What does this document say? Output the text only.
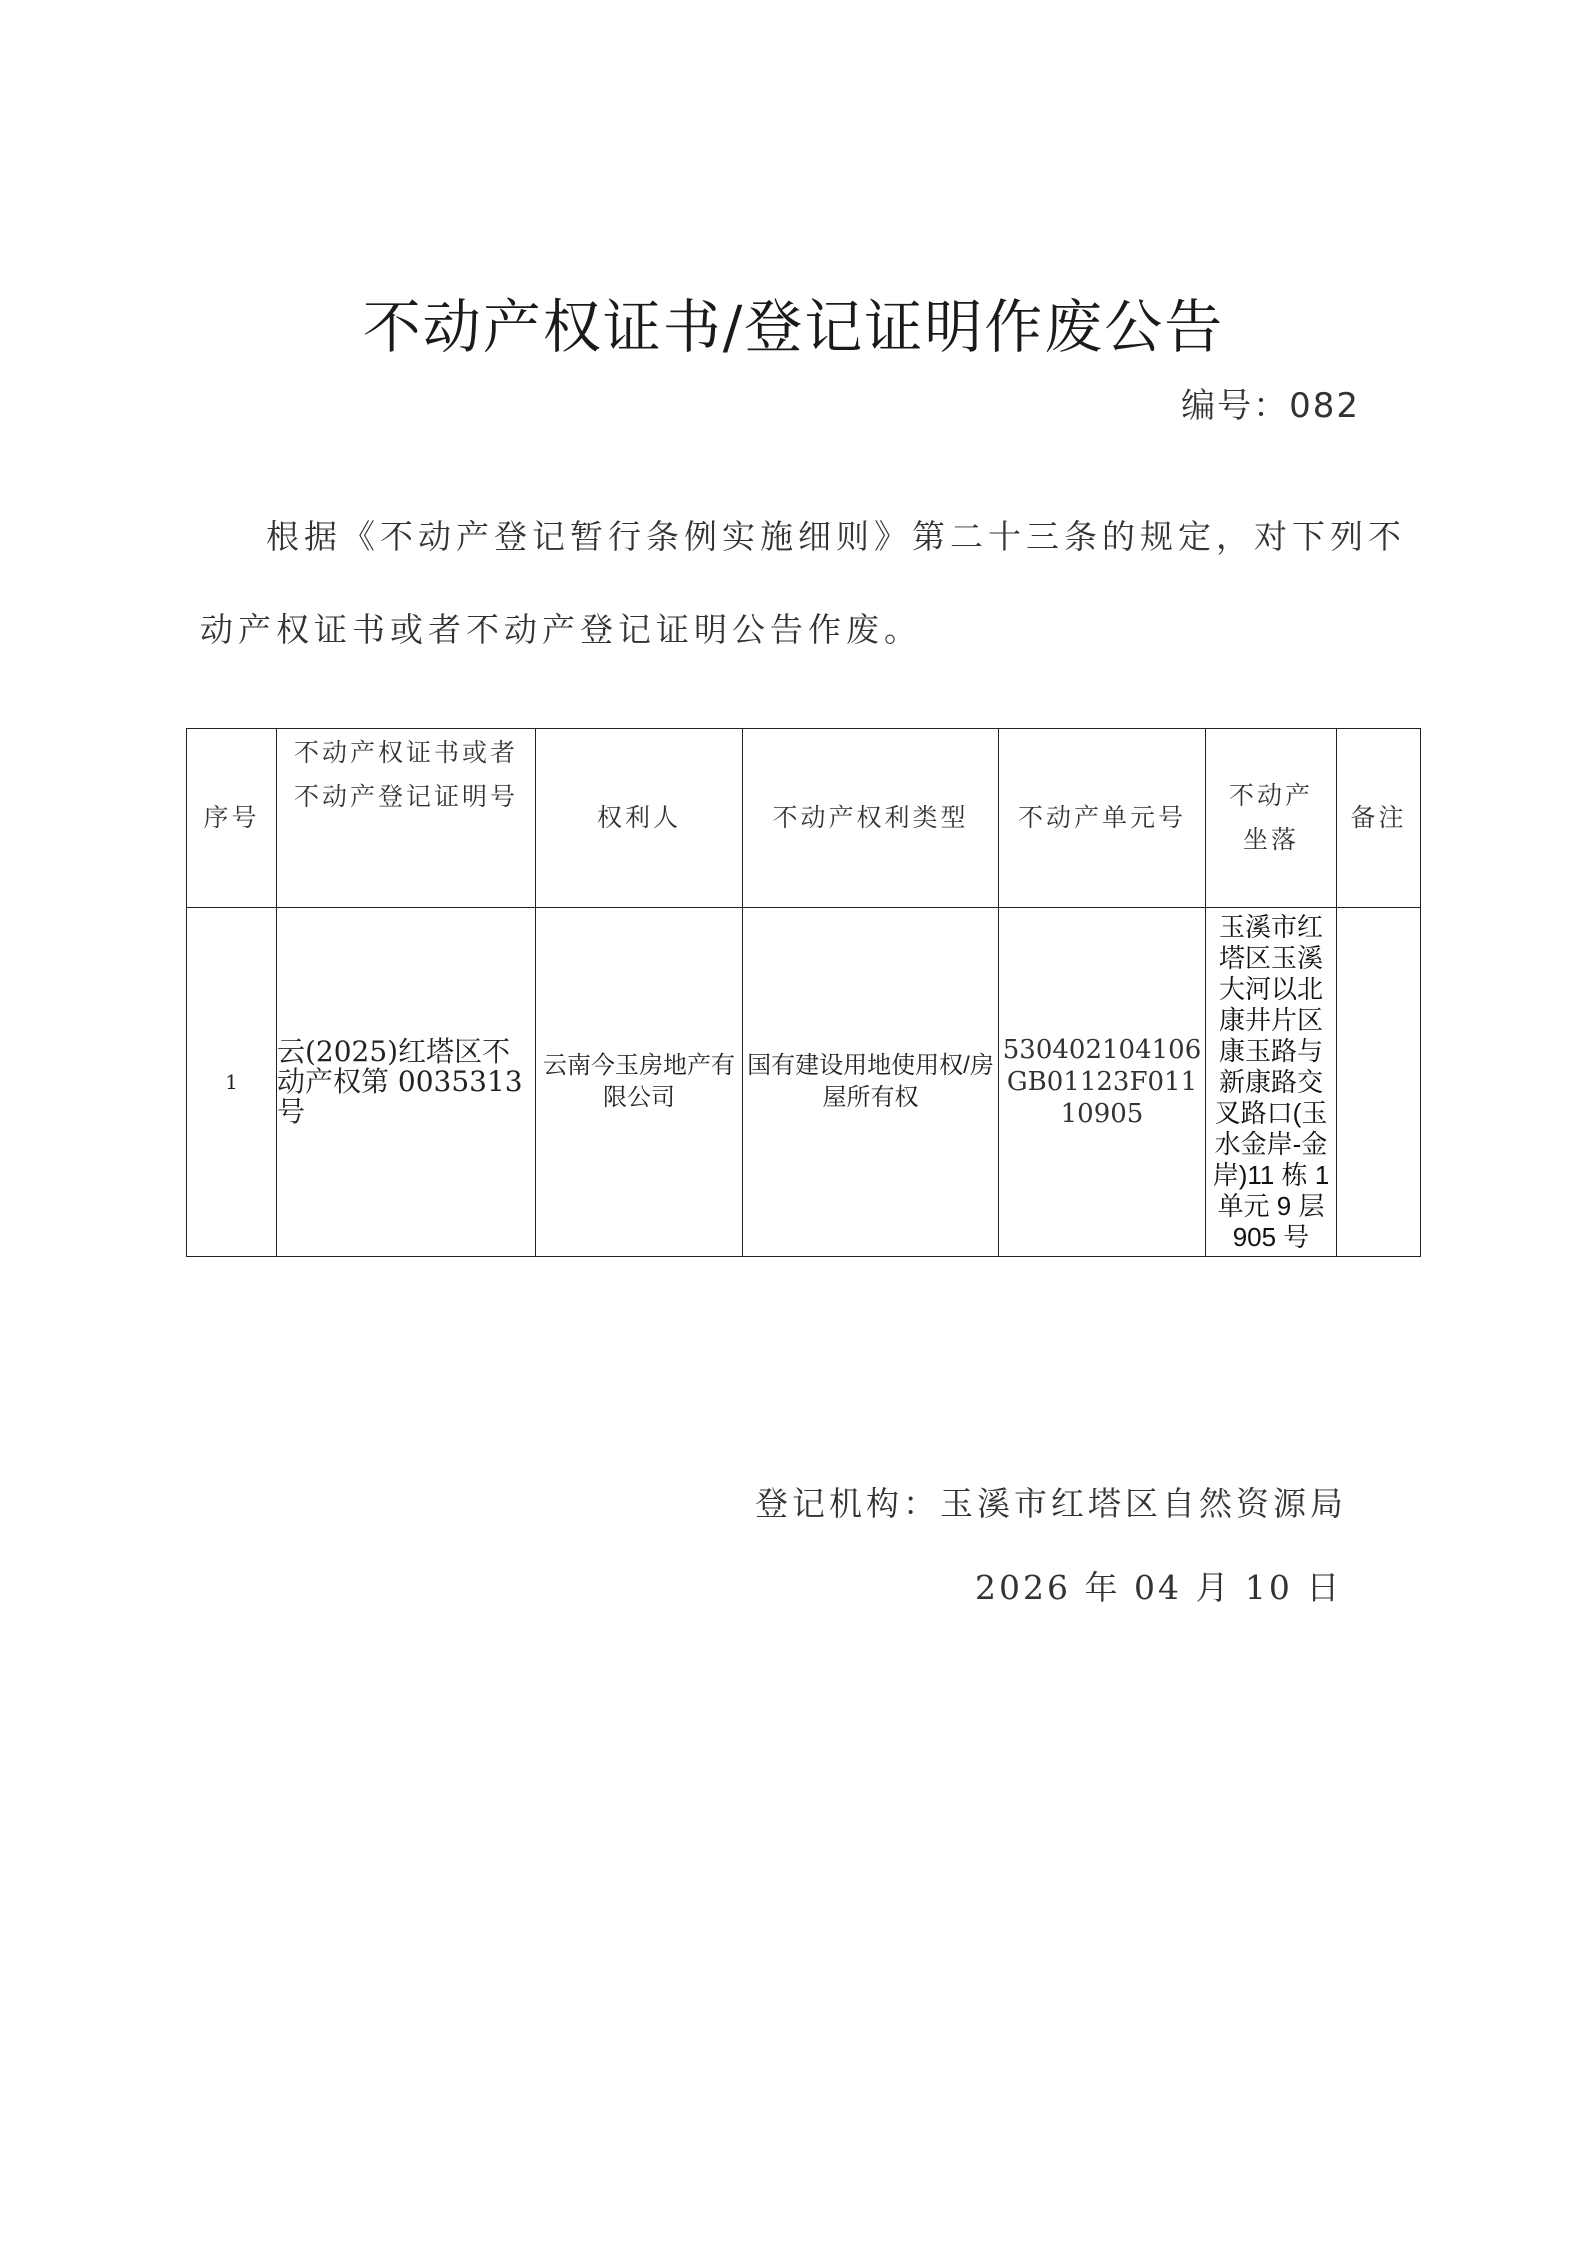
不动产权证书/登记证明作废公告
编号：082
根据《不动产登记暂行条例实施细则》第二十三条的规定，对下列不动产权证书或者不动产登记证明公告作废。
序号	不动产权证书或者不动产登记证明号	权利人	不动产权利类型	不动产单元号	不动产坐落	备注
1	云(2025)红塔区不动产权第 0035313 号	云南今玉房地产有限公司	国有建设用地使用权/房屋所有权	530402104106GB01123F01110905	玉溪市红塔区玉溪大河以北康井片区康玉路与新康路交叉路口(玉水金岸-金岸)11 栋 1 单元 9 层 905 号	
登记机构：玉溪市红塔区自然资源局
2026 年 04 月 10 日
